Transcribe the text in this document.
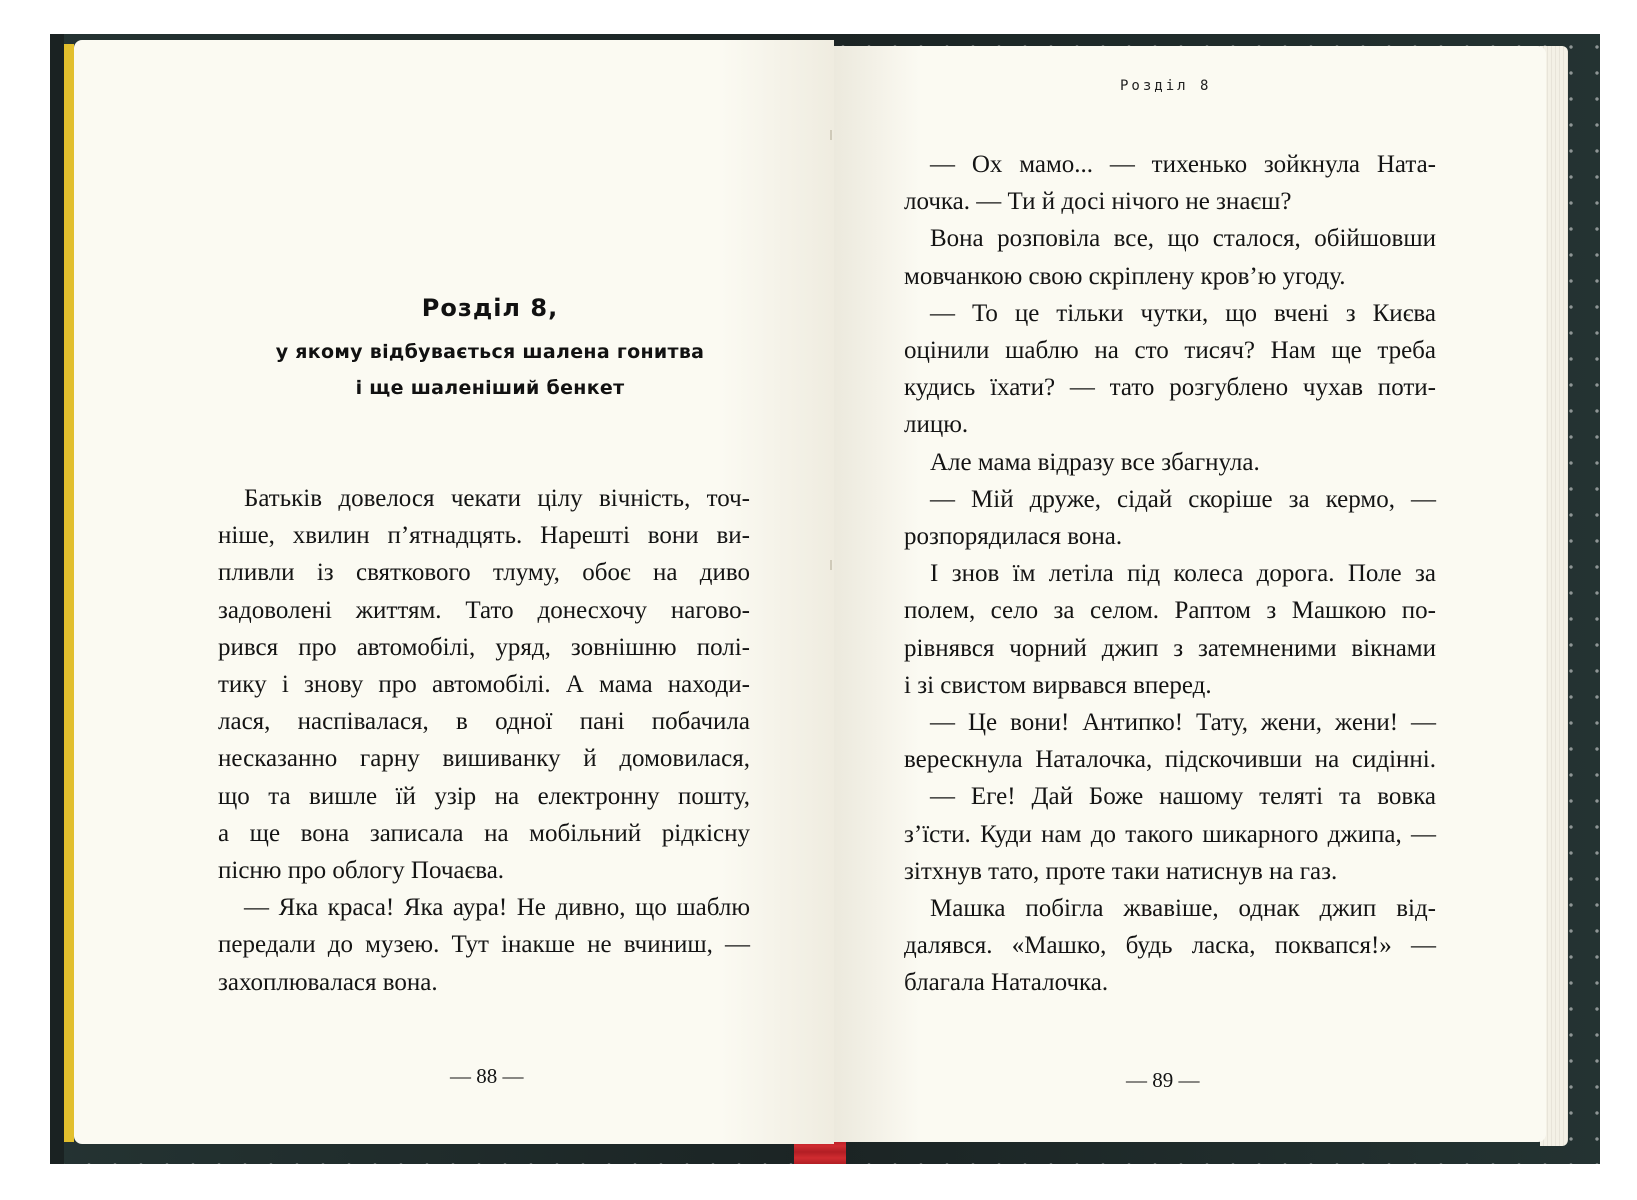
Розділ 8
Розділ 8,
у якому відбувається шалена гонитва
і ще шаленіший бенкет
Батьків довелося чекати цілу вічність, точ-
ніше, хвилин п’ятнадцять. Нарешті вони ви-
пливли із святкового тлуму, обоє на диво
задоволені життям. Тато донесхочу нагово-
рився про автомобілі, уряд, зовнішню полі-
тику і знову про автомобілі. А мама находи-
лася, наспівалася, в одної пані побачила
несказанно гарну вишиванку й домовилася,
що та вишле їй узір на електронну пошту,
а ще вона записала на мобільний рідкісну
пісню про облогу Почаєва.
— Яка краса! Яка аура! Не дивно, що шаблю
передали до музею. Тут інакше не вчиниш, —
захоплювалася вона.
— Ох мамо... — тихенько зойкнула Ната-
лочка. — Ти й досі нічого не знаєш?
Вона розповіла все, що сталося, обійшовши
мовчанкою свою скріплену кров’ю угоду.
— То це тільки чутки, що вчені з Києва
оцінили шаблю на сто тисяч? Нам ще треба
кудись їхати? — тато розгублено чухав поти-
лицю.
Але мама відразу все збагнула.
— Мій друже, сідай скоріше за кермо, —
розпорядилася вона.
І знов їм летіла під колеса дорога. Поле за
полем, село за селом. Раптом з Машкою по-
рівнявся чорний джип з затемненими вікнами
і зі свистом вирвався вперед.
— Це вони! Антипко! Тату, жени, жени! —
верескнула Наталочка, підскочивши на сидінні.
— Еге! Дай Боже нашому теляті та вовка
з’їсти. Куди нам до такого шикарного джипа, —
зітхнув тато, проте таки натиснув на газ.
Машка побігла жвавіше, однак джип від-
далявся. «Машко, будь ласка, поквапся!» —
благала Наталочка.
— 88 —	— 89 —
